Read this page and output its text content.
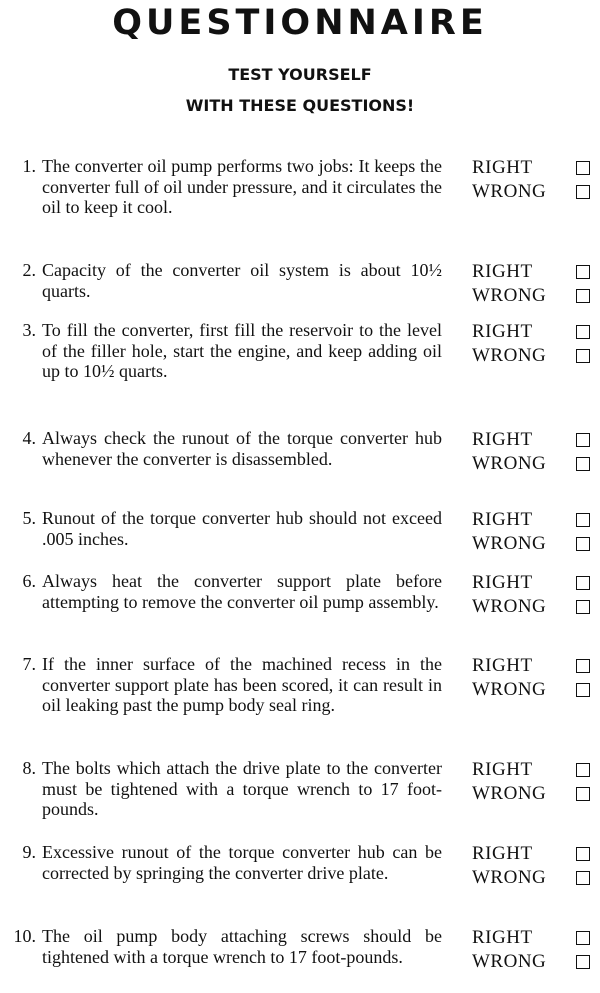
QUESTIONNAIRE
TEST YOURSELF
WITH THESE QUESTIONS!
1. The converter oil pump performs two jobs: It keeps the converter full of oil under pressure, and it circulates the oil to keep it cool.
RIGHT
WRONG
2. Capacity of the converter oil system is about 10½ quarts.
RIGHT
WRONG
3. To fill the converter, first fill the reservoir to the level of the filler hole, start the engine, and keep adding oil up to 10½ quarts.
RIGHT
WRONG
4. Always check the runout of the torque converter hub whenever the converter is disassembled.
RIGHT
WRONG
5. Runout of the torque converter hub should not exceed .005 inches.
RIGHT
WRONG
6. Always heat the converter support plate before attempting to remove the converter oil pump assembly.
RIGHT
WRONG
7. If the inner surface of the machined recess in the converter support plate has been scored, it can result in oil leaking past the pump body seal ring.
RIGHT
WRONG
8. The bolts which attach the drive plate to the converter must be tightened with a torque wrench to 17 foot-pounds.
RIGHT
WRONG
9. Excessive runout of the torque converter hub can be corrected by springing the converter drive plate.
RIGHT
WRONG
10. The oil pump body attaching screws should be tightened with a torque wrench to 17 foot-pounds.
RIGHT
WRONG
